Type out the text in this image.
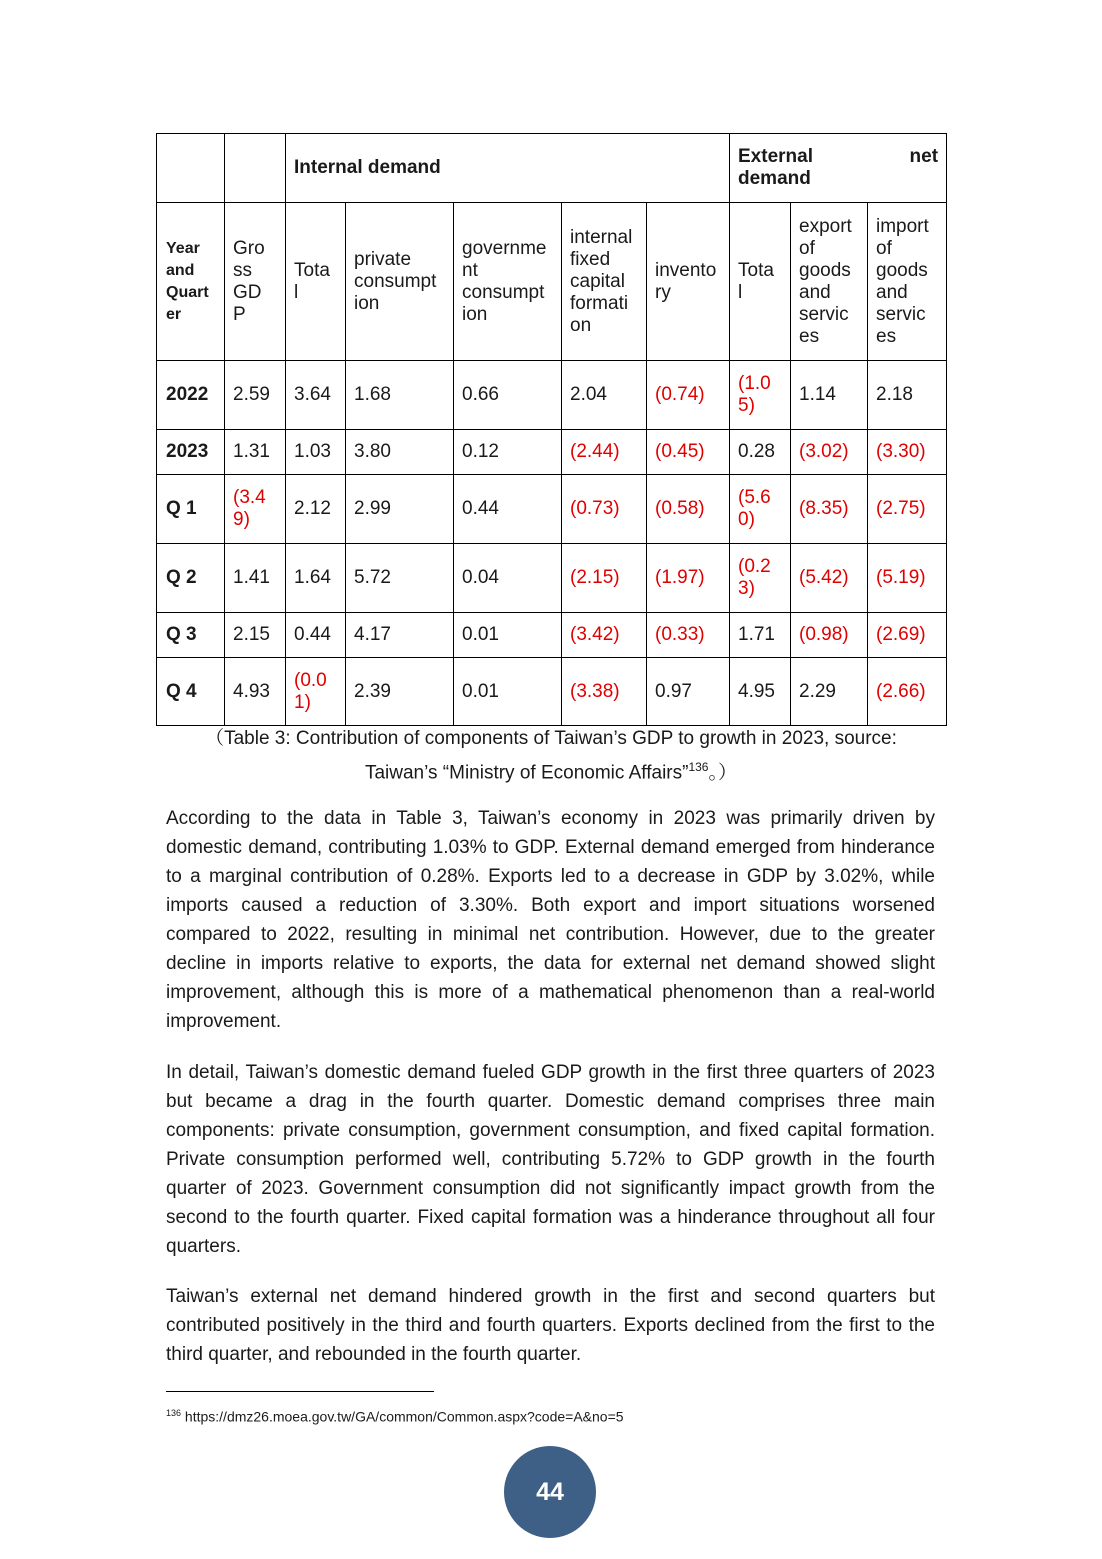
		Internal demand					External net
demand		

Year and Quart er	Gro ss GD P	Tota l	private consumpt ion	governme nt consumpt ion	internal fixed capital formati on	invento ry	Tota l	export of goods and servic es	import of goods and servic es
2022	2.59	3.64	1.68	0.66	2.04	(0.74)	(1.0 5)	1.14	2.18
2023	1.31	1.03	3.80	0.12	(2.44)	(0.45)	0.28	(3.02)	(3.30)
Q 1	(3.4 9)	2.12	2.99	0.44	(0.73)	(0.58)	(5.6 0)	(8.35)	(2.75)
Q 2	1.41	1.64	5.72	0.04	(2.15)	(1.97)	(0.2 3)	(5.42)	(5.19)
Q 3	2.15	0.44	4.17	0.01	(3.42)	(0.33)	1.71	(0.98)	(2.69)
Q 4	4.93	(0.0 1)	2.39	0.01	(3.38)	0.97	4.95	2.29	(2.66)
（Table 3: Contribution of components of Taiwan’s GDP to growth in 2023, source:
Taiwan’s “Ministry of Economic Affairs”$^{136}$。）

According to the data in Table 3, Taiwan’s economy in 2023 was primarily driven by domestic demand, contributing 1.03% to GDP. External demand emerged from hinderance to a marginal contribution of 0.28%. Exports led to a decrease in GDP by 3.02%, while imports caused a reduction of 3.30%. Both export and import situations worsened compared to 2022, resulting in minimal net contribution. However, due to the greater decline in imports relative to exports, the data for external net demand showed slight improvement, although this is more of a mathematical phenomenon than a real-world improvement.

In detail, Taiwan’s domestic demand fueled GDP growth in the first three quarters of 2023 but became a drag in the fourth quarter. Domestic demand comprises three main components: private consumption, government consumption, and fixed capital formation. Private consumption performed well, contributing 5.72% to GDP growth in the fourth quarter of 2023. Government consumption did not significantly impact growth from the second to the fourth quarter. Fixed capital formation was a hinderance throughout all four quarters.

Taiwan’s external net demand hindered growth in the first and second quarters but contributed positively in the third and fourth quarters. Exports declined from the first to the third quarter, and rebounded in the fourth quarter.

$^{136}$ https://dmz26.moea.gov.tw/GA/common/Common.aspx?code=A&no=5
44
